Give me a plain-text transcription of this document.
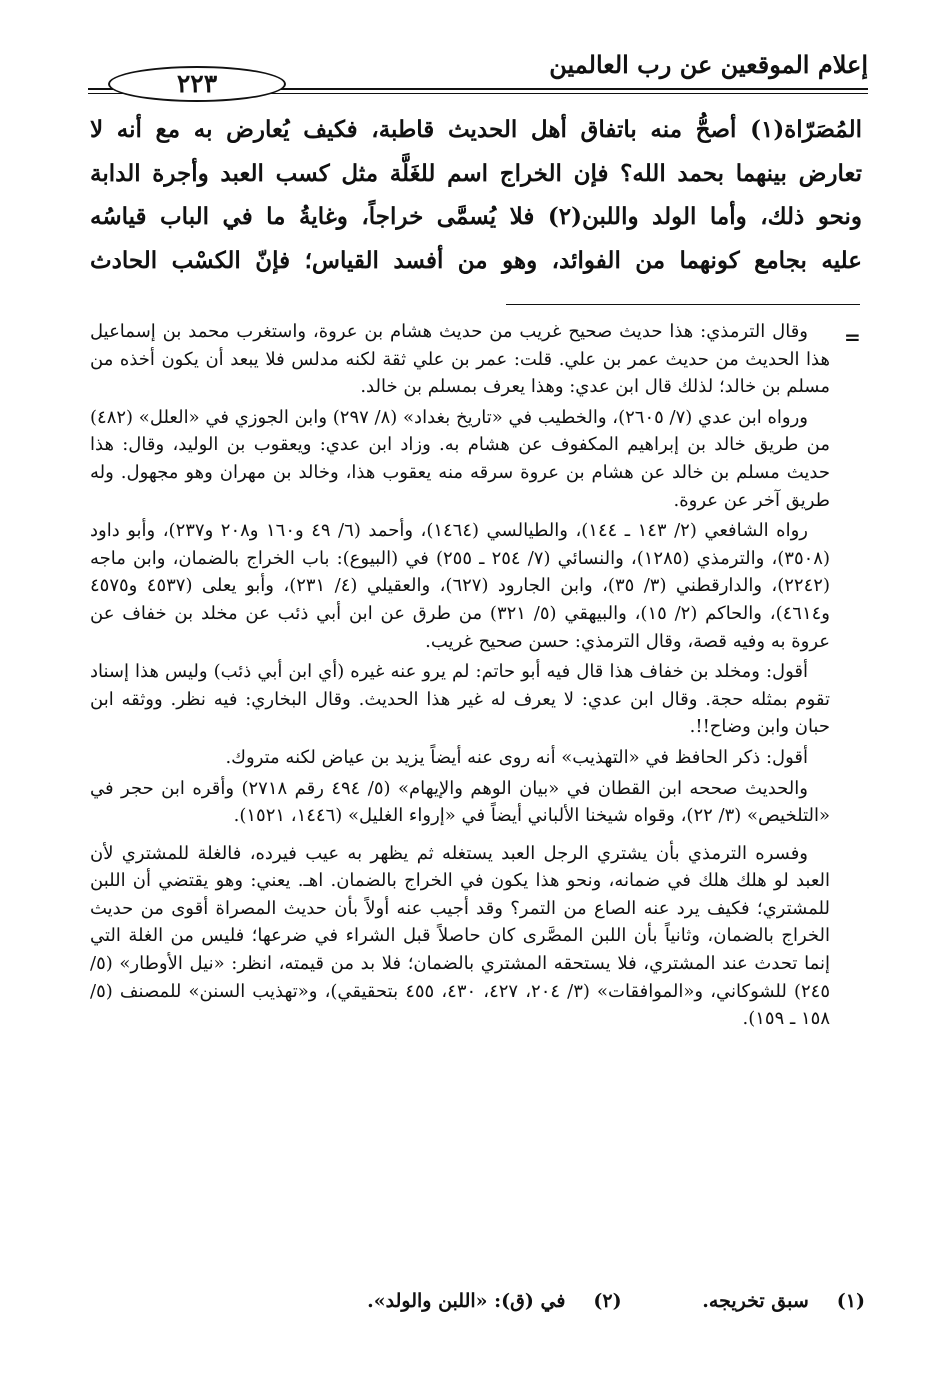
إعلام الموقعين عن رب العالمين
٢٢٣

المُصَرّاة(١) أصحُّ منه باتفاق أهل الحديث قاطبة، فكيف يُعارض به مع أنه لا

تعارض بينهما بحمد الله؟ فإن الخراج اسم للغَلَّة مثل كسب العبد وأجرة الدابة

ونحو ذلك، وأما الولد واللبن(٢) فلا يُسمَّى خراجاً، وغايةُ ما في الباب قياسُه

عليه بجامع كونهما من الفوائد، وهو من أفسد القياس؛ فإنّ الكسْب الحادث

=

وقال الترمذي: هذا حديث صحيح غريب من حديث هشام بن عروة، واستغرب محمد بن إسماعيل هذا الحديث من حديث عمر بن علي. قلت: عمر بن علي ثقة لكنه مدلس فلا يبعد أن يكون أخذه من مسلم بن خالد؛ لذلك قال ابن عدي: وهذا يعرف بمسلم بن خالد.

ورواه ابن عدي (٧/ ٢٦٠٥)، والخطيب في «تاريخ بغداد» (٨/ ٢٩٧) وابن الجوزي في «العلل» (٤٨٢) من طريق خالد بن إبراهيم المكفوف عن هشام به. وزاد ابن عدي: ويعقوب بن الوليد، وقال: هذا حديث مسلم بن خالد عن هشام بن عروة سرقه منه يعقوب هذا، وخالد بن مهران وهو مجهول. وله طريق آخر عن عروة.

رواه الشافعي (٢/ ١٤٣ ـ ١٤٤)، والطيالسي (١٤٦٤)، وأحمد (٦/ ٤٩ و١٦٠ و٢٠٨ و٢٣٧)، وأبو داود (٣٥٠٨)، والترمذي (١٢٨٥)، والنسائي (٧/ ٢٥٤ ـ ٢٥٥) في (البيوع): باب الخراج بالضمان، وابن ماجه (٢٢٤٢)، والدارقطني (٣/ ٣٥)، وابن الجارود (٦٢٧)، والعقيلي (٤/ ٢٣١)، وأبو يعلى (٤٥٣٧ و٤٥٧٥ و٤٦١٤)، والحاكم (٢/ ١٥)، والبيهقي (٥/ ٣٢١) من طرق عن ابن أبي ذئب عن مخلد بن خفاف عن عروة به وفيه قصة، وقال الترمذي: حسن صحيح غريب.

أقول: ومخلد بن خفاف هذا قال فيه أبو حاتم: لم يرو عنه غيره (أي ابن أبي ذئب) وليس هذا إسناد تقوم بمثله حجة. وقال ابن عدي: لا يعرف له غير هذا الحديث. وقال البخاري: فيه نظر. ووثقه ابن حبان وابن وضاح!!.

أقول: ذكر الحافظ في «التهذيب» أنه روى عنه أيضاً يزيد بن عياض لكنه متروك.

والحديث صححه ابن القطان في «بيان الوهم والإيهام» (٥/ ٤٩٤ رقم ٢٧١٨) وأقره ابن حجر في «التلخيص» (٣/ ٢٢)، وقواه شيخنا الألباني أيضاً في «إرواء الغليل» (١٤٤٦، ١٥٢١).

وفسره الترمذي بأن يشتري الرجل العبد يستغله ثم يظهر به عيب فيرده، فالغلة للمشتري لأن العبد لو هلك هلك في ضمانه، ونحو هذا يكون في الخراج بالضمان. اهـ. يعني: وهو يقتضي أن اللبن للمشتري؛ فكيف يرد عنه الصاع من التمر؟ وقد أجيب عنه أولاً بأن حديث المصراة أقوى من حديث الخراج بالضمان، وثانياً بأن اللبن المصَّرى كان حاصلاً قبل الشراء في ضرعها؛ فليس من الغلة التي إنما تحدث عند المشتري، فلا يستحقه المشتري بالضمان؛ فلا بد من قيمته، انظر: «نيل الأوطار» (٥/ ٢٤٥) للشوكاني، و«الموافقات» (٣/ ٢٠٤، ٤٢٧، ٤٣٠، ٤٥٥ بتحقيقي)، و«تهذيب السنن» للمصنف (٥/ ١٥٨ ـ ١٥٩).

(١)سبق تخريجه. (٢)في (ق): «اللبن والولد».
